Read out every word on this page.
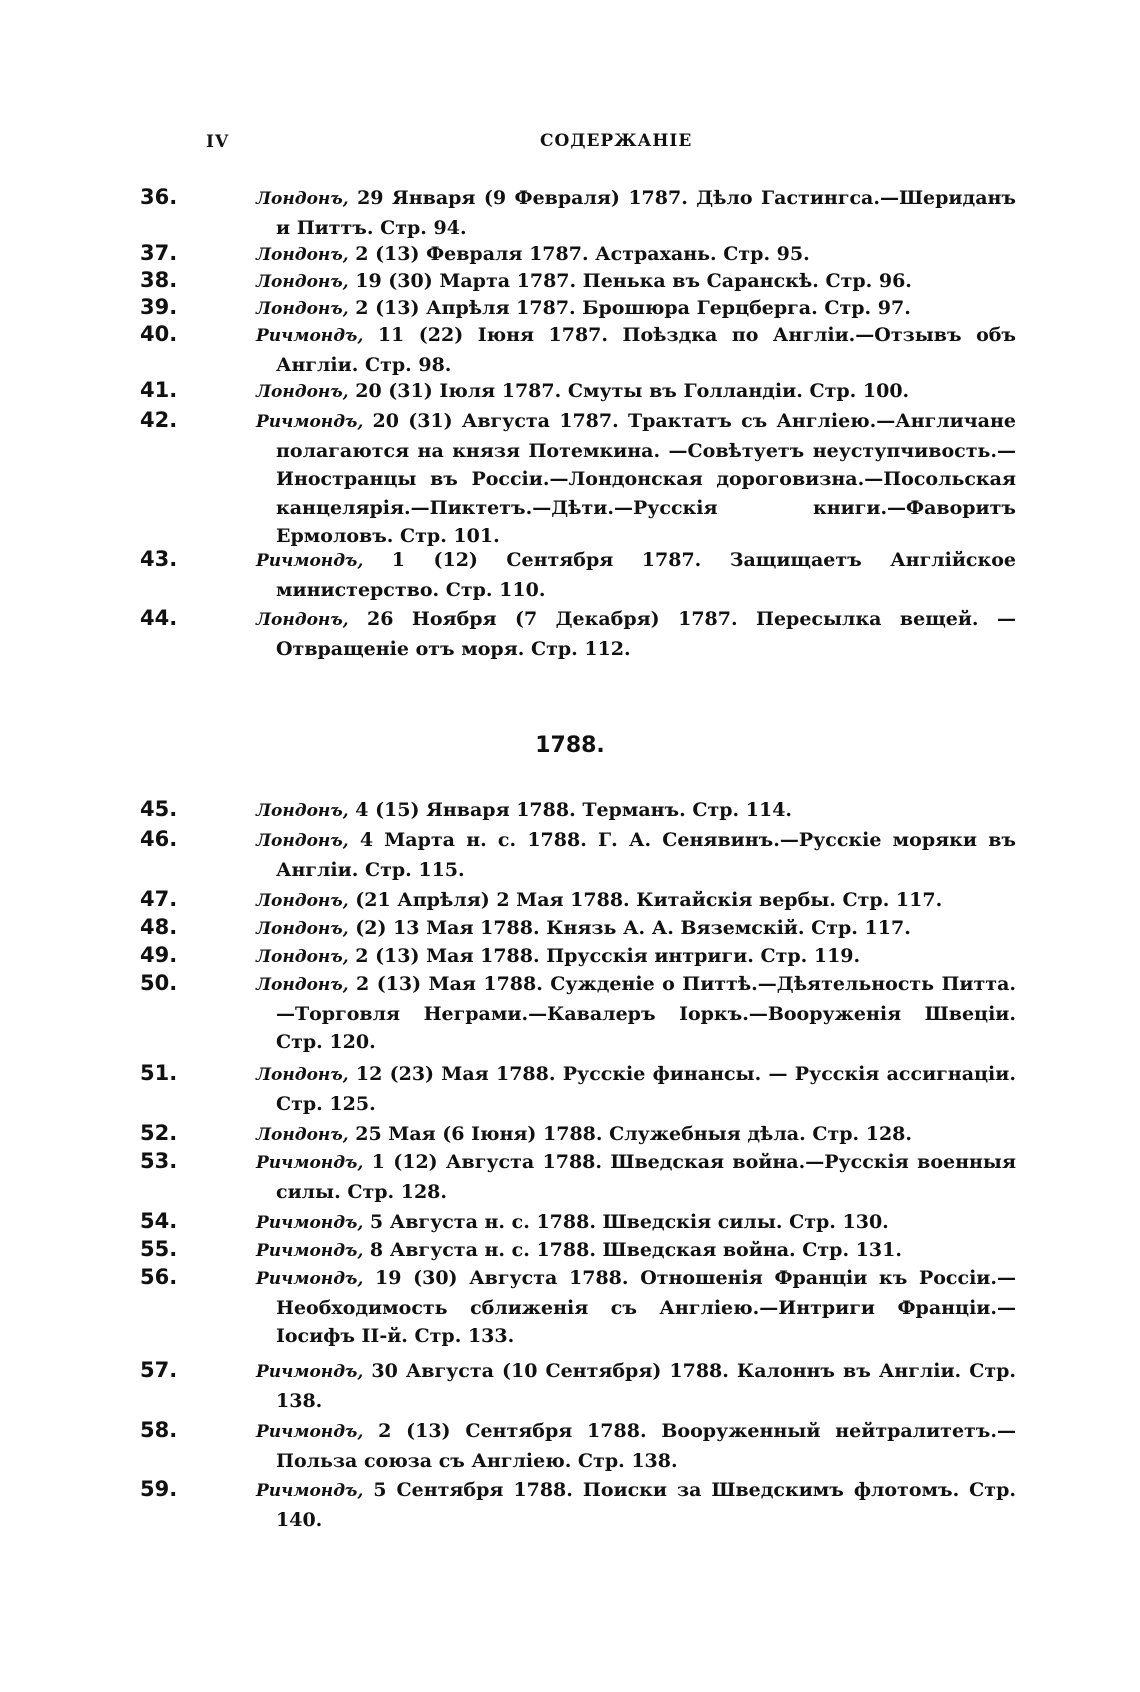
IV	СОДЕРЖАНІЕ
36.	Лондонъ, 29 Января (9 Февраля) 1787. Дѣло Гастингса.—Шериданъ и Питтъ. Стр. 94.
37.	Лондонъ, 2 (13) Февраля 1787. Астрахань. Стр. 95.
38.	Лондонъ, 19 (30) Марта 1787. Пенька въ Саранскѣ. Стр. 96.
39.	Лондонъ, 2 (13) Апрѣля 1787. Брошюра Герцберга. Стр. 97.
40.	Ричмондъ, 11 (22) Іюня 1787. Поѣздка по Англіи.—Отзывъ объ Англіи. Стр. 98.
41.	Лондонъ, 20 (31) Іюля 1787. Смуты въ Голландіи. Стр. 100.
42.	Ричмондъ, 20 (31) Августа 1787. Трактатъ съ Англіею.—Англичане полагаются на князя Потемкина. —Совѣтуетъ неуступчивость.— Иностранцы въ Россіи.—Лондонская дороговизна.—Посольская канцелярія.—Пиктетъ.—Дѣти.—Русскія книги.—Фаворитъ Ермоловъ. Стр. 101.
43.	Ричмондъ, 1 (12) Сентября 1787. Защищаетъ Англійское министерство. Стр. 110.
44.	Лондонъ, 26 Ноября (7 Декабря) 1787. Пересылка вещей. — Отвращеніе отъ моря. Стр. 112.
1788.
45.	Лондонъ, 4 (15) Января 1788. Терманъ. Стр. 114.
46.	Лондонъ, 4 Марта н. с. 1788. Г. А. Сенявинъ.—Русскіе моряки въ Англіи. Стр. 115.
47.	Лондонъ, (21 Апрѣля) 2 Мая 1788. Китайскія вербы. Стр. 117.
48.	Лондонъ, (2) 13 Мая 1788. Князь А. А. Вяземскій. Стр. 117.
49.	Лондонъ, 2 (13) Мая 1788. Прусскія интриги. Стр. 119.
50.	Лондонъ, 2 (13) Мая 1788. Сужденіе о Питтѣ.—Дѣятельность Питта.—Торговля Неграми.—Кавалеръ Іоркъ.—Вооруженія Швеціи. Стр. 120.
51.	Лондонъ, 12 (23) Мая 1788. Русскіе финансы. — Русскія ассигнаціи. Стр. 125.
52.	Лондонъ, 25 Мая (6 Іюня) 1788. Служебныя дѣла. Стр. 128.
53.	Ричмондъ, 1 (12) Августа 1788. Шведская война.—Русскія военныя силы. Стр. 128.
54.	Ричмондъ, 5 Августа н. с. 1788. Шведскія силы. Стр. 130.
55.	Ричмондъ, 8 Августа н. с. 1788. Шведская война. Стр. 131.
56.	Ричмондъ, 19 (30) Августа 1788. Отношенія Франціи къ Россіи.—Необходимость сближенія съ Англіею.—Интриги Франціи.—Іосифъ II-й. Стр. 133.
57.	Ричмондъ, 30 Августа (10 Сентября) 1788. Калоннъ въ Англіи. Стр. 138.
58.	Ричмондъ, 2 (13) Сентября 1788. Вооруженный нейтралитетъ.—Польза союза съ Англіею. Стр. 138.
59.	Ричмондъ, 5 Сентября 1788. Поиски за Шведскимъ флотомъ. Стр. 140.
